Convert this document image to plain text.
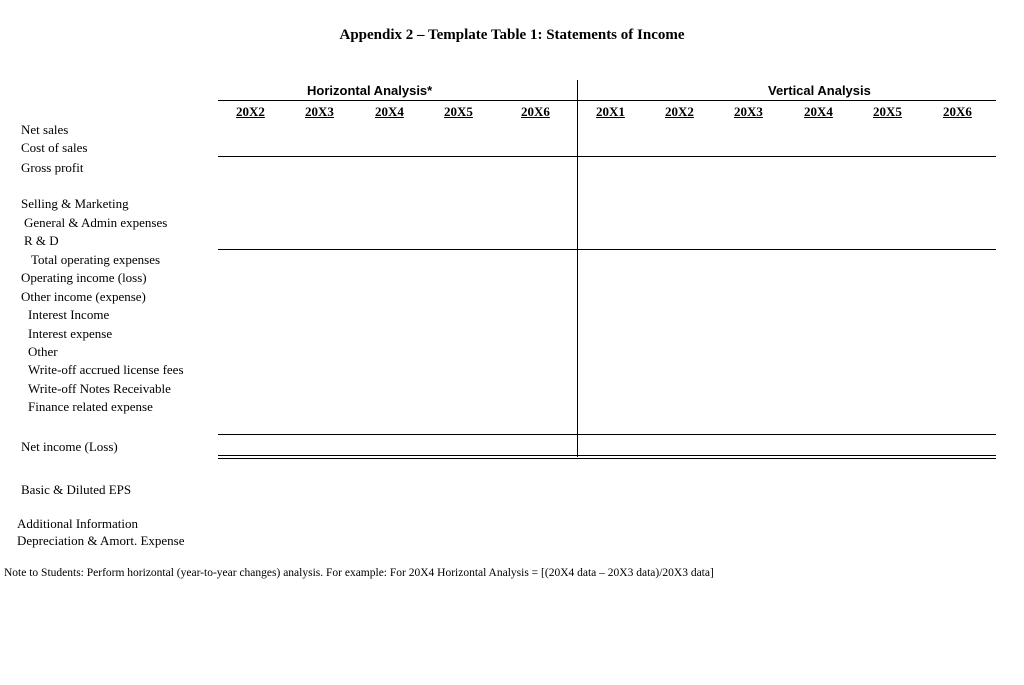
Appendix 2 – Template Table 1: Statements of Income
Horizontal Analysis*	Vertical Analysis
20X2	20X3	20X4	20X5	20X6	20X1	20X2	20X3	20X4	20X5	20X6
Net sales
Cost of sales
Gross profit
Selling & Marketing
General & Admin expenses
R & D
Total operating expenses
Operating income (loss)
Other income (expense)
Interest Income
Interest expense
Other
Write-off accrued license fees
Write-off Notes Receivable
Finance related expense
Net income (Loss)
Basic & Diluted EPS
Additional Information
Depreciation & Amort. Expense
Note to Students: Perform horizontal (year-to-year changes) analysis. For example: For 20X4 Horizontal Analysis = [(20X4 data – 20X3 data)/20X3 data]
